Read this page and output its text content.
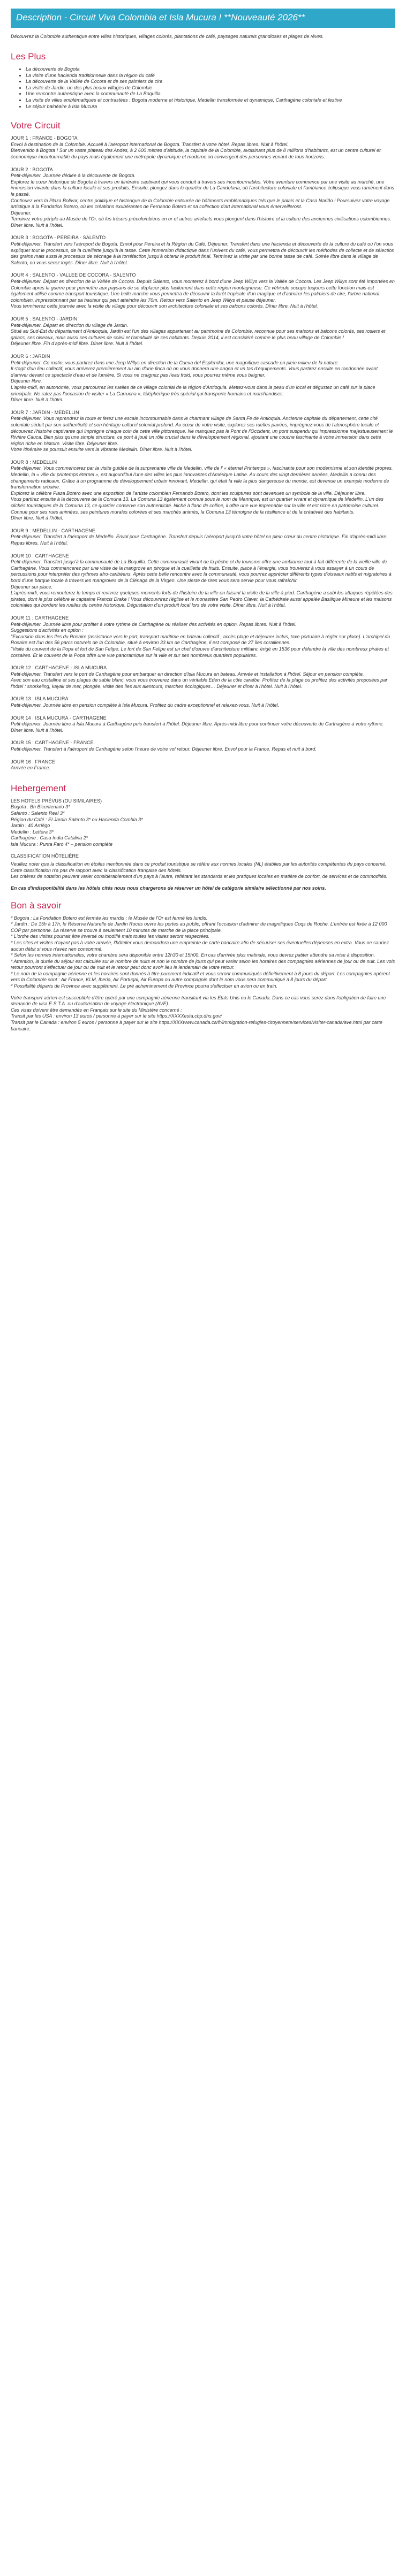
Description - Circuit Viva Colombia et Isla Mucura ! **Nouveauté 2026**

Découvrez la Colombie authentique entre villes historiques, villages colorés, plantations de café, paysages naturels grandioses et plages de rêves.

Les Plus
• La découverte de Bogota
• La visite d'une hacienda traditionnelle dans la région du café
• La découverte de la Vallée de Cocora et de ses palmiers de cire
• La visite de Jardin, un des plus beaux villages de Colombie
• Une rencontre authentique avec la communauté de La Boquilla
• La visite de villes emblématiques et contrastées : Bogota moderne et historique, Medellin transformée et dynamique, Carthagène coloniale et festive
• Le séjour balnéaire à Isla Mucura
Votre Circuit

JOUR 1 : FRANCE - BOGOTA

Envol à destination de la Colombie. Accueil à l'aéroport international de Bogota. Transfert à votre hôtel. Repas libres. Nuit à l'hôtel.

Bienvenido à Bogota ! Sur un vaste plateau des Andes, à 2 600 mètres d'altitude, la capitale de la Colombie, avoisinant plus de 8 millions d'habitants, est un centre culturel et économique incontournable du pays mais également une métropole dynamique et moderne où convergent des personnes venant de tous horizons.

JOUR 2 : BOGOTA

Petit-déjeuner. Journée dédiée à la découverte de Bogota.

Explorez le cœur historique de Bogota à travers un itinéraire captivant qui vous conduit à travers ses incontournables. Votre aventure commence par une visite au marché, une immersion vivante dans la culture locale et ses produits. Ensuite, plongez dans le quartier de La Candelaria, où l'architecture coloniale et l'ambiance éclipsique vous ramènent dans le passé.

Continuez vers la Plaza Bolivar, centre politique et historique de la Colombie entourée de bâtiments emblématiques tels que le palais et la Casa Nariño ! Poursuivez votre voyage artistique à la Fondation Botero, où les créations exubérantes de Fernando Botero et sa collection d'art international vous émerveilleront.

Déjeuner.

Terminez votre périple au Musée de l'Or, où les trésors précolombiens en or et autres artefacts vous plongent dans l'histoire et la culture des anciennes civilisations colombiennes.

Dîner libre. Nuit à l'hôtel.

JOUR 3 : BOGOTA - PEREIRA - SALENTO

Petit-déjeuner. Transfert vers l'aéroport de Bogota. Envol pour Pereira et la Région du Café. Déjeuner. Transfert dans une hacienda et découverte de la culture du café où l'on vous expliquer tout le processus, de la cueillette jusqu'à la tasse. Cette immersion didactique dans l'univers du café, vous permettra de découvrir les méthodes de collecte et de sélection des grains mais aussi le processus de séchage à la torréfaction jusqu'à obtenir le produit final. Terminez la visite par une bonne tasse de café. Soirée libre dans le village de Salento, où vous serez logés. Dîner libre. Nuit à l'hôtel.

JOUR 4 : SALENTO - VALLEE DE COCORA - SALENTO

Petit-déjeuner. Départ en direction de la Vallée de Cocora. Depuis Salento, vous monterez à bord d'une Jeep Willys vers la Vallée de Cocora. Les Jeep Willys sont été importées en Colombie après la guerre pour permettre aux paysans de se déplacer plus facilement dans cette région montagneuse. Ce véhicule occupe toujours cette fonction mais est également utilisé comme transport touristique. Une belle marche vous permettra de découvrir la forêt tropicale d'un magique et d'admirer les palmiers de cire, l'arbre national colombien, impressionnant par sa hauteur qui peut atteindre les 70m. Retour vers Salento en Jeep Willys et pause déjeuner.

Vous terminerez cette journée avec la visite du village pour découvrir son architecture coloniale et ses balcons colorés. Dîner libre. Nuit à l'hôtel.

JOUR 5 : SALENTO - JARDIN

Petit-déjeuner. Départ en direction du village de Jardin.

Situé au Sud-Est du département d'Antioquia, Jardin est l'un des villages appartenant au patrimoine de Colombie, reconnue pour ses maisons et balcons colorés, ses rosiers et galacs, ses oiseaux, mais aussi ses cultures de soleil et l'amabilité de ses habitants. Depuis 2014, il est considéré comme le plus beau village de Colombie !

Déjeuner libre. Fin d'après-midi libre. Dîner libre. Nuit à l'hôtel.

JOUR 6 : JARDIN

Petit-déjeuner. Ce matin, vous partirez dans une Jeep Willys en direction de la Cueva del Esplendor, une magnifique cascade en plein milieu de la nature.

Il s'agit d'un lieu collectif, vous arriverez premièrement au ain d'une finca où on vous donnera une anqea et un tas d'équipements. Vous partirez ensuite en randonnée avant d'arriver devant ce spectacle d'eau et de lumière. Si vous ne craignez pas l'eau froid, vous pourrez même vous baigner.

Déjeuner libre.

L'après-midi, en autonomie, vous parcourrez les ruelles de ce village colonial de la région d'Antioquia. Mettez-vous dans la peau d'un local et dégustez un café sur la place principale. Ne ratez pas l'occasion de visiter « La Garrucha », téléphérique très spécial qui transporte humains et marchandises.

Dîner libre. Nuit à l'hôtel.

JOUR 7 : JARDIN - MEDELLIN

Petit-déjeuner. Vous reprendrez la route et ferez une escale incontournable dans le charmant village de Santa Fe de Antioquia. Ancienne capitale du département, cette cité coloniale séduit par son authenticité et son héritage culturel colonial profond. Au cœur de votre visite, explorez ses ruelles pavées, imprégnez-vous de l'atmosphère locale et découvrez l'histoire captivante qui imprègne chaque coin de cette ville pittoresque. Ne manquez pas le Pont de l'Occident, un pont suspendu qui impressionne majestueusement le Rivière Cauca. Bien plus qu'une simple structure, ce pont à joué un rôle crucial dans le développement régional, ajoutant une couche fascinante à votre immersion dans cette région riche en histoire. Visite libre. Déjeuner libre.

Votre itinéraire se poursuit ensuite vers la vibrante Medellin. Dîner libre. Nuit à l'hôtel.

JOUR 8 : MEDELLIN

Petit-déjeuner. Vous commencerez par la visite guidée de la surprenante ville de Medellin, ville de l' « éternel Printemps », fascinante pour son modernisme et son identité propres.

Medellin, la « ville du printemps éternel », est aujourd'hui l'une des villes les plus innovantes d'Amérique Latine. Au cours des vingt dernières années, Medellin a connu des changements radicaux. Grâce à un programme de développement urbain innovant, Medellin, qui était la ville la plus dangereuse du monde, est devenue un exemple moderne de transformation urbaine.

Explorez la célèbre Plaza Botero avec une exposition de l'artiste colombien Fernando Botero, dont les sculptures sont devenues un symbole de la ville. Déjeuner libre.

Vous partirez ensuite à la découverte de la Comuna 13. La Comuna 13 également connue sous le nom de Manrique, est un quartier vivant et dynamique de Medellin. L'un des clichés touristiques de la Comuna 13, ce quartier conserve son authenticité. Niché à flanc de colline, il offre une vue imprenable sur la ville et est riche en patrimoine culturel. Connue pour ses rues animées, ses peintures murales colorées et ses marchés animés, la Comuna 13 témoigne de la résilience et de la créativité des habitants.

Dîner libre. Nuit à l'hôtel.

JOUR 9 : MEDELLIN - CARTHAGENE

Petit-déjeuner. Transfert à l'aéroport de Medellin. Envol pour Carthagène. Transfert depuis l'aéroport jusqu'à votre hôtel en plein cœur du centre historique. Fin d'après-midi libre. Repas libres. Nuit à l'hôtel.

JOUR 10 : CARTHAGENE

Petit-déjeuner. Transfert jusqu'à la communauté de La Boquilla. Cette communauté vivant de la pêche et du tourisme offre une ambiance tout à fait différente de la vieille ville de Carthagène. Vous commencerez par une visite de la mangrove en pirogue et la cueillette de fruits. Ensuite, place à l'énergie, vous trouverez à vous essayer à un cours de percussions pour interpréter des rythmes afro-caribéens. Après cette belle rencontre avec la communauté, vous pourrez apprécier différents types d'oiseaux natifs et migratoires à bord d'une barque locale à travers les mangroves de la Ciénaga de la Virgen. Une sieste de rires vous sera servie pour vous rafraîchir.

Déjeuner sur place.

L'après-midi, vous remonterez le temps et revivrez quelques moments forts de l'histoire de la ville en faisant la visite de la ville à pied. Carthagène a subi les attaques répétées des pirates, dont le plus célèbre le capitaine Francis Drake ! Vous découvrirez l'église et le monastère San Pedro Claver, la Cathédrale aussi appelée Basilique Mineure et les maisons coloniales qui bordent les ruelles du centre historique. Dégustation d'un produit local lors de votre visite. Dîner libre. Nuit à l'hôtel.

JOUR 11 : CARTHAGENE

Petit-déjeuner. Journée libre pour profiter à votre rythme de Carthagène ou réaliser des activités en option. Repas libres. Nuit à l'hôtel.

Suggestions d'activités en option :

"Excursion dans les îles du Rosaire (assistance vers le port, transport maritime en bateau collectif , accès plage et déjeuner inclus, taxe portuaire à régler sur place). L'archipel du Rosaire est l'un des 56 parcs naturels de la Colombie, situé à environ 33 km de Carthagène, il est composé de 27 îles coralliennes.

"Visite du couvent de la Popa et fort de San Felipe. Le fort de San Felipe est un chef d'œuvre d'architecture militaire, érigé en 1536 pour défendre la ville des nombreux pirates et corsaires. Et le couvent de la Popa offre une vue panoramique sur la ville et sur ses nombreux quartiers populaires.

JOUR 12 : CARTHAGENE - ISLA MUCURA

Petit-déjeuner. Transfert vers le port de Carthagène pour embarquer en direction d'Isla Mucura en bateau. Arrivée et installation à l'hôtel. Séjour en pension complète.

Avec son eau cristalline et ses plages de sable blanc, vous vous trouverez dans un véritable Eden de la côte caraïbe. Profitez de la plage ou profitez des activités proposées par l'hôtel : snorkeling, kayak de mer, plongée, visite des îles aux alentours, marches écologiques… Déjeuner et dîner à l'hôtel. Nuit à l'hôtel.

JOUR 13 : ISLA MUCURA

Petit-déjeuner. Journée libre en pension complète à Isla Mucura. Profitez du cadre exceptionnel et relaxez-vous. Nuit à l'hôtel.

JOUR 14 : ISLA MUCURA - CARTHAGENE

Petit-déjeuner. Journée libre à Isla Mucura à Carthagène puis transfert à l'hôtel. Déjeuner libre. Après-midi libre pour continuer votre découverte de Carthagène à votre rythme. Dîner libre. Nuit à l'hôtel.

JOUR 15 : CARTHAGENE - FRANCE

Petit-déjeuner. Transfert à l'aéroport de Carthagène selon l'heure de votre vol retour. Déjeuner libre. Envol pour la France. Repas et nuit à bord.

JOUR 16 : FRANCE

Arrivée en France.

Hebergement

LES HOTELS PRÉVUS (OU SIMILAIRES)

Bogota : Bh Bicentenario 3*

Salento : Salento Real 3*

Région du Café : El Jardin Salento 3* ou Hacienda Combia 3*

Jardin : 40 Arriégo

Medellin : Lettera 3*

Carthagène : Casa India Catalina 2*

Isla Mucura : Punta Faro 4* – pension complète

CLASSIFICATION HÔTELIÈRE

Veuillez noter que la classification en étoiles mentionnée dans ce produit touristique se réfère aux normes locales (NL) établies par les autorités compétentes du pays concerné.

Cette classification n'a pas de rapport avec la classification française des hôtels.

Les critères de notation peuvent varier considérablement d'un pays à l'autre, reflétant les standards et les pratiques locales en matière de confort, de services et de commodités.

En cas d'indisponibilité dans les hôtels cités nous nous chargerons de réserver un hôtel de catégorie similaire sélectionné par nos soins.

Bon à savoir

* Bogota : La Fondation Botero est fermée les mardis ; le Musée de l'Or est fermé les lundis.

* Jardin : De 15h à 17h, le Réserva Naturelle de Jardín Roces ouvre les portes au public, offrant l'occasion d'admirer de magnifiques Coqs de Roche. L'entrée est fixée à 12 000 COP par personne. La réserve se trouve à seulement 10 minutes de marche de la place principale.

* L'ordre des visites pourrait être inversé ou modifié mais toutes les visites seront respectées.

* Les sites et visites n'ayant pas à votre arrivée, l'hôtelier vous demandera une empreinte de carte bancaire afin de sécuriser ses éventuelles dépenses en extra. Vous ne sauriez aucun débit si vous n'avez rien consommé.

* Selon les normes internationales, votre chambre sera disponible entre 12h30 et 15h00. En cas d'arrivée plus matinale, vous devrez patiter attendre sa mise à disposition.

* Attention, la durée du séjour est calculée sur le nombre de nuits et non le nombre de jours qui peut varier selon les horaires des compagnies aériennes de jour ou de nuit. Les vols retour pourront s'effectuer de jour ou de nuit et le retour peut donc avoir lieu le lendemain de votre retour.

* Le nom de la compagnie aérienne et les horaires sont donnés à titre purement indicatif et vous seront communiqués définitivement à 8 jours du départ. Les compagnies opèrent vers la Colombie sont : Air France, KLM, Iberia, Air Portugal, Air Europa ou autre compagnie dont le nom vous sera communiqué à 8 jours du départ.

* Possibilité départs de Province avec supplément. Le pré acheminement de Province pourra s'effectuer en avion ou en train.

Votre transport aérien est susceptible d'être opéré par une compagnie aérienne transitant via les Etats Unis ou le Canada. Dans ce cas vous serez dans l'obligation de faire une demande de visa E.S.T.A. ou d'autorisation de voyage électronique (AVE).

Ces visas doivent être demandés en Français sur le site du Ministère concerné :

Transit par les USA : environ 13 euros / personne à payer sur le site https://XXXXesta.cbp.dhs.gov/

Transit par le Canada : environ 5 euros / personne à payer sur le site https://XXXwww.canada.ca/fr/immigration-refugies-citoyennete/services/visiter-canada/ave.html par carte bancaire.
